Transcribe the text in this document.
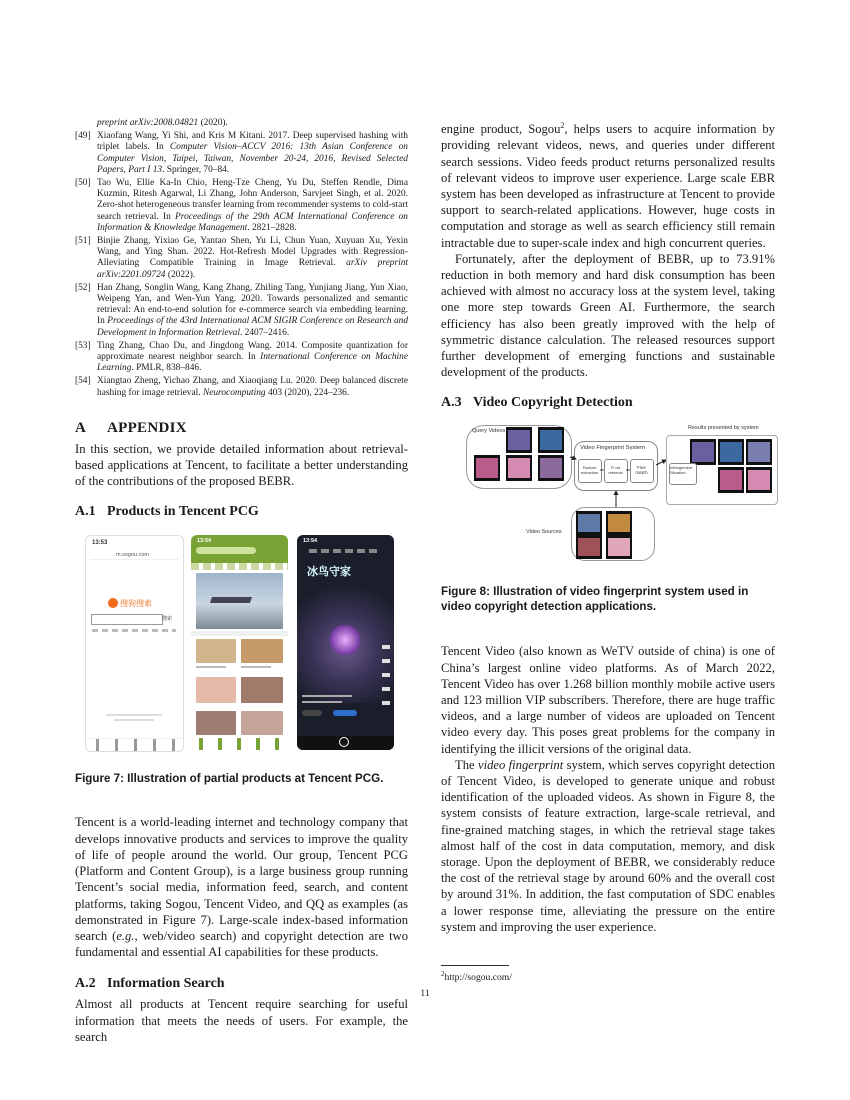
preprint arXiv:2008.04821 (2020).
[49] Xiaofang Wang, Yi Shi, and Kris M Kitani. 2017. Deep supervised hashing with triplet labels. In Computer Vision–ACCV 2016: 13th Asian Conference on Computer Vision, Taipei, Taiwan, November 20-24, 2016, Revised Selected Papers, Part I 13. Springer, 70–84.
[50] Tao Wu, Ellie Ka-In Chio, Heng-Tze Cheng, Yu Du, Steffen Rendle, Dima Kuzmin, Ritesh Agarwal, Li Zhang, John Anderson, Sarvjeet Singh, et al. 2020. Zero-shot heterogeneous transfer learning from recommender systems to cold-start search retrieval. In Proceedings of the 29th ACM International Conference on Information & Knowledge Management. 2821–2828.
[51] Binjie Zhang, Yixiao Ge, Yantao Shen, Yu Li, Chun Yuan, Xuyuan Xu, Yexin Wang, and Ying Shan. 2022. Hot-Refresh Model Upgrades with Regression-Alleviating Compatible Training in Image Retrieval. arXiv preprint arXiv:2201.09724 (2022).
[52] Han Zhang, Songlin Wang, Kang Zhang, Zhiling Tang, Yunjiang Jiang, Yun Xiao, Weipeng Yan, and Wen-Yun Yang. 2020. Towards personalized and semantic retrieval: An end-to-end solution for e-commerce search via embedding learning. In Proceedings of the 43rd International ACM SIGIR Conference on Research and Development in Information Retrieval. 2407–2416.
[53] Ting Zhang, Chao Du, and Jingdong Wang. 2014. Composite quantization for approximate nearest neighbor search. In International Conference on Machine Learning. PMLR, 838–846.
[54] Xiangtao Zheng, Yichao Zhang, and Xiaoqiang Lu. 2020. Deep balanced discrete hashing for image retrieval. Neurocomputing 403 (2020), 224–236.
A APPENDIX

In this section, we provide detailed information about retrieval-based applications at Tencent, to facilitate a better understanding of the contributions of the proposed BEBR.

A.1 Products in Tencent PCG
13:53
m.sogou.com
搜狗搜索
搜索
13:54	13:54
冰鸟守家
Figure 7: Illustration of partial products at Tencent PCG.

Tencent is a world-leading internet and technology company that develops innovative products and services to improve the quality of life of people around the world. Our group, Tencent PCG (Platform and Content Group), is a large business group running Tencent’s social media, information feed, search, and content platforms, taking Sogou, Tencent Video, and QQ as examples (as demonstrated in Figure 7). Large-scale index-based information search (e.g., web/video search) and copyright detection are two fundamental and essential AI capabilities for these products.

A.2 Information Search

Almost all products at Tencent require searching for useful information that meets the needs of users. For example, the search

engine product, Sogou$^2$, helps users to acquire information by providing relevant videos, news, and queries under different search sessions. Video feeds product returns personalized results of relevant videos to improve user experience. Large scale EBR system has been developed as infrastructure at Tencent to provide support to search-related applications. However, huge costs in computation and storage as well as search efficiency still remain intractable due to super-scale index and high concurrent queries.

Fortunately, after the deployment of BEBR, up to 73.91% reduction in both memory and hard disk consumption has been achieved with almost no accuracy loss at the system level, taking one more step towards Green AI. Furthermore, the search efficiency has also been greatly improved with the help of symmetric distance calculation. The released resources support further development of emerging functions and sustainable development of the products.

A.3 Video Copyright Detection
Query Videos
Video Fingerprint System
Feature extraction
Fi rst retrieval
Fine match
Results presented by system
Infringement Situation
Video Sources
Figure 8: Illustration of video fingerprint system used in video copyright detection applications.

Tencent Video (also known as WeTV outside of china) is one of China’s largest online video platforms. As of March 2022, Tencent Video has over 1.268 billion monthly mobile active users and 123 million VIP subscribers. Therefore, there are huge traffic videos, and a large number of videos are uploaded on Tencent video every day. This poses great problems for the company in identifying the illicit versions of the original data.

The video fingerprint system, which serves copyright detection of Tencent Video, is developed to generate unique and robust identification of the uploaded videos. As shown in Figure 8, the system consists of feature extraction, large-scale retrieval, and fine-grained matching stages, in which the retrieval stage takes almost half of the cost in data computation, memory, and disk storage. Upon the deployment of BEBR, we considerably reduce the cost of the retrieval stage by around 60% and the overall cost by around 31%. In addition, the fast computation of SDC enables a lower response time, alleviating the pressure on the entire system and improving the user experience.

$^2$http://sogou.com/
11
